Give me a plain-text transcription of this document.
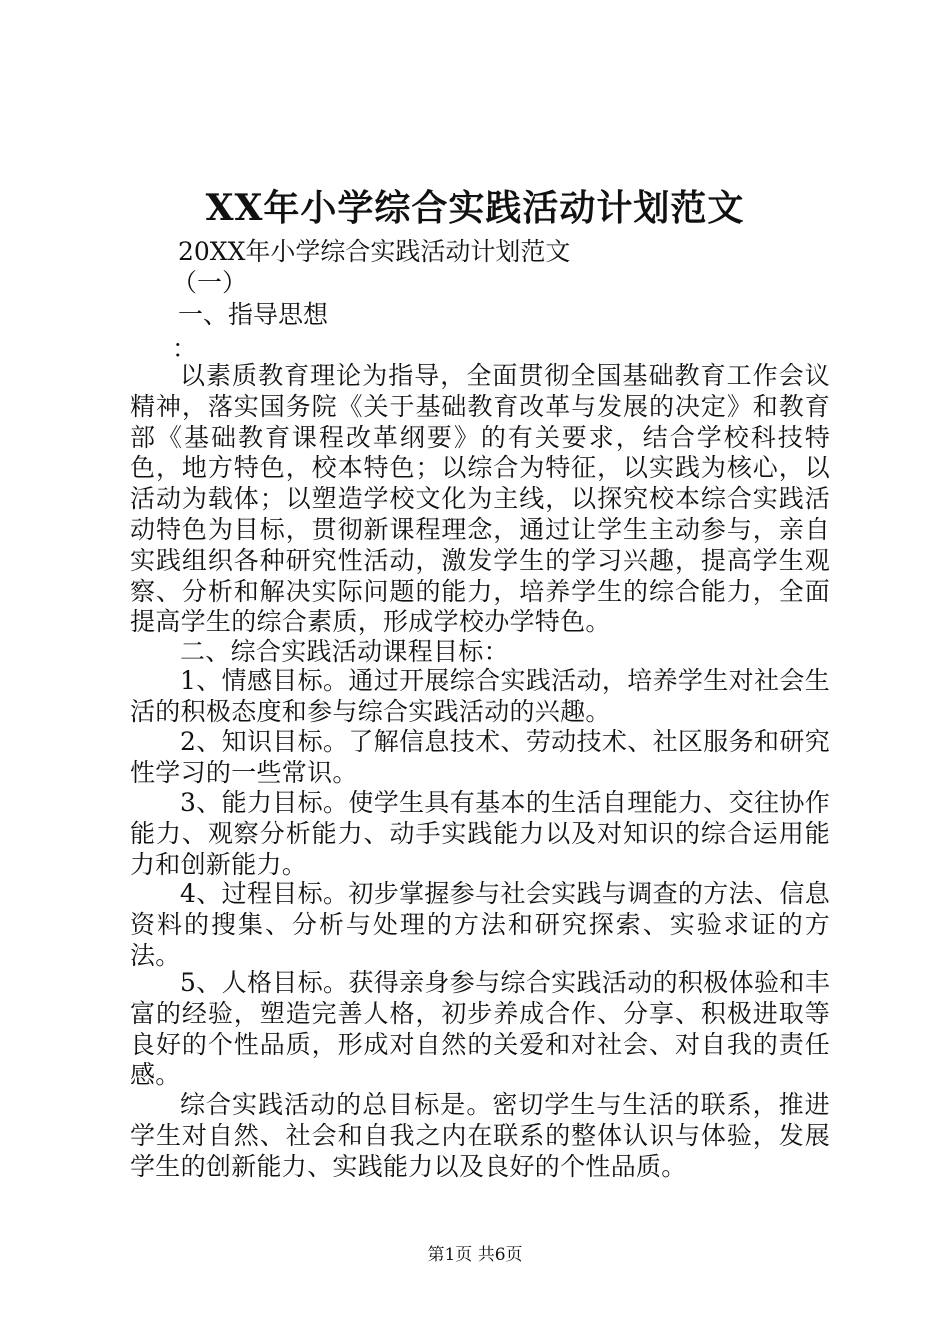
XX年小学综合实践活动计划范文
20XX年小学综合实践活动计划范文
（一）
一、指导思想
：
以素质教育理论为指导，全面贯彻全国基础教育工作会议精神，落实国务院《关于基础教育改革与发展的决定》和教育部《基础教育课程改革纲要》的有关要求，结合学校科技特色，地方特色，校本特色；以综合为特征，以实践为核心，以活动为载体；以塑造学校文化为主线，以探究校本综合实践活动特色为目标，贯彻新课程理念，通过让学生主动参与，亲自实践组织各种研究性活动，激发学生的学习兴趣，提高学生观察、分析和解决实际问题的能力，培养学生的综合能力，全面提高学生的综合素质，形成学校办学特色。
二、综合实践活动课程目标：
1、情感目标。通过开展综合实践活动，培养学生对社会生活的积极态度和参与综合实践活动的兴趣。
2、知识目标。了解信息技术、劳动技术、社区服务和研究性学习的一些常识。
3、能力目标。使学生具有基本的生活自理能力、交往协作能力、观察分析能力、动手实践能力以及对知识的综合运用能力和创新能力。
4、过程目标。初步掌握参与社会实践与调查的方法、信息资料的搜集、分析与处理的方法和研究探索、实验求证的方法。
5、人格目标。获得亲身参与综合实践活动的积极体验和丰富的经验，塑造完善人格，初步养成合作、分享、积极进取等良好的个性品质，形成对自然的关爱和对社会、对自我的责任感。
综合实践活动的总目标是。密切学生与生活的联系，推进学生对自然、社会和自我之内在联系的整体认识与体验，发展学生的创新能力、实践能力以及良好的个性品质。
第1页 共6页
